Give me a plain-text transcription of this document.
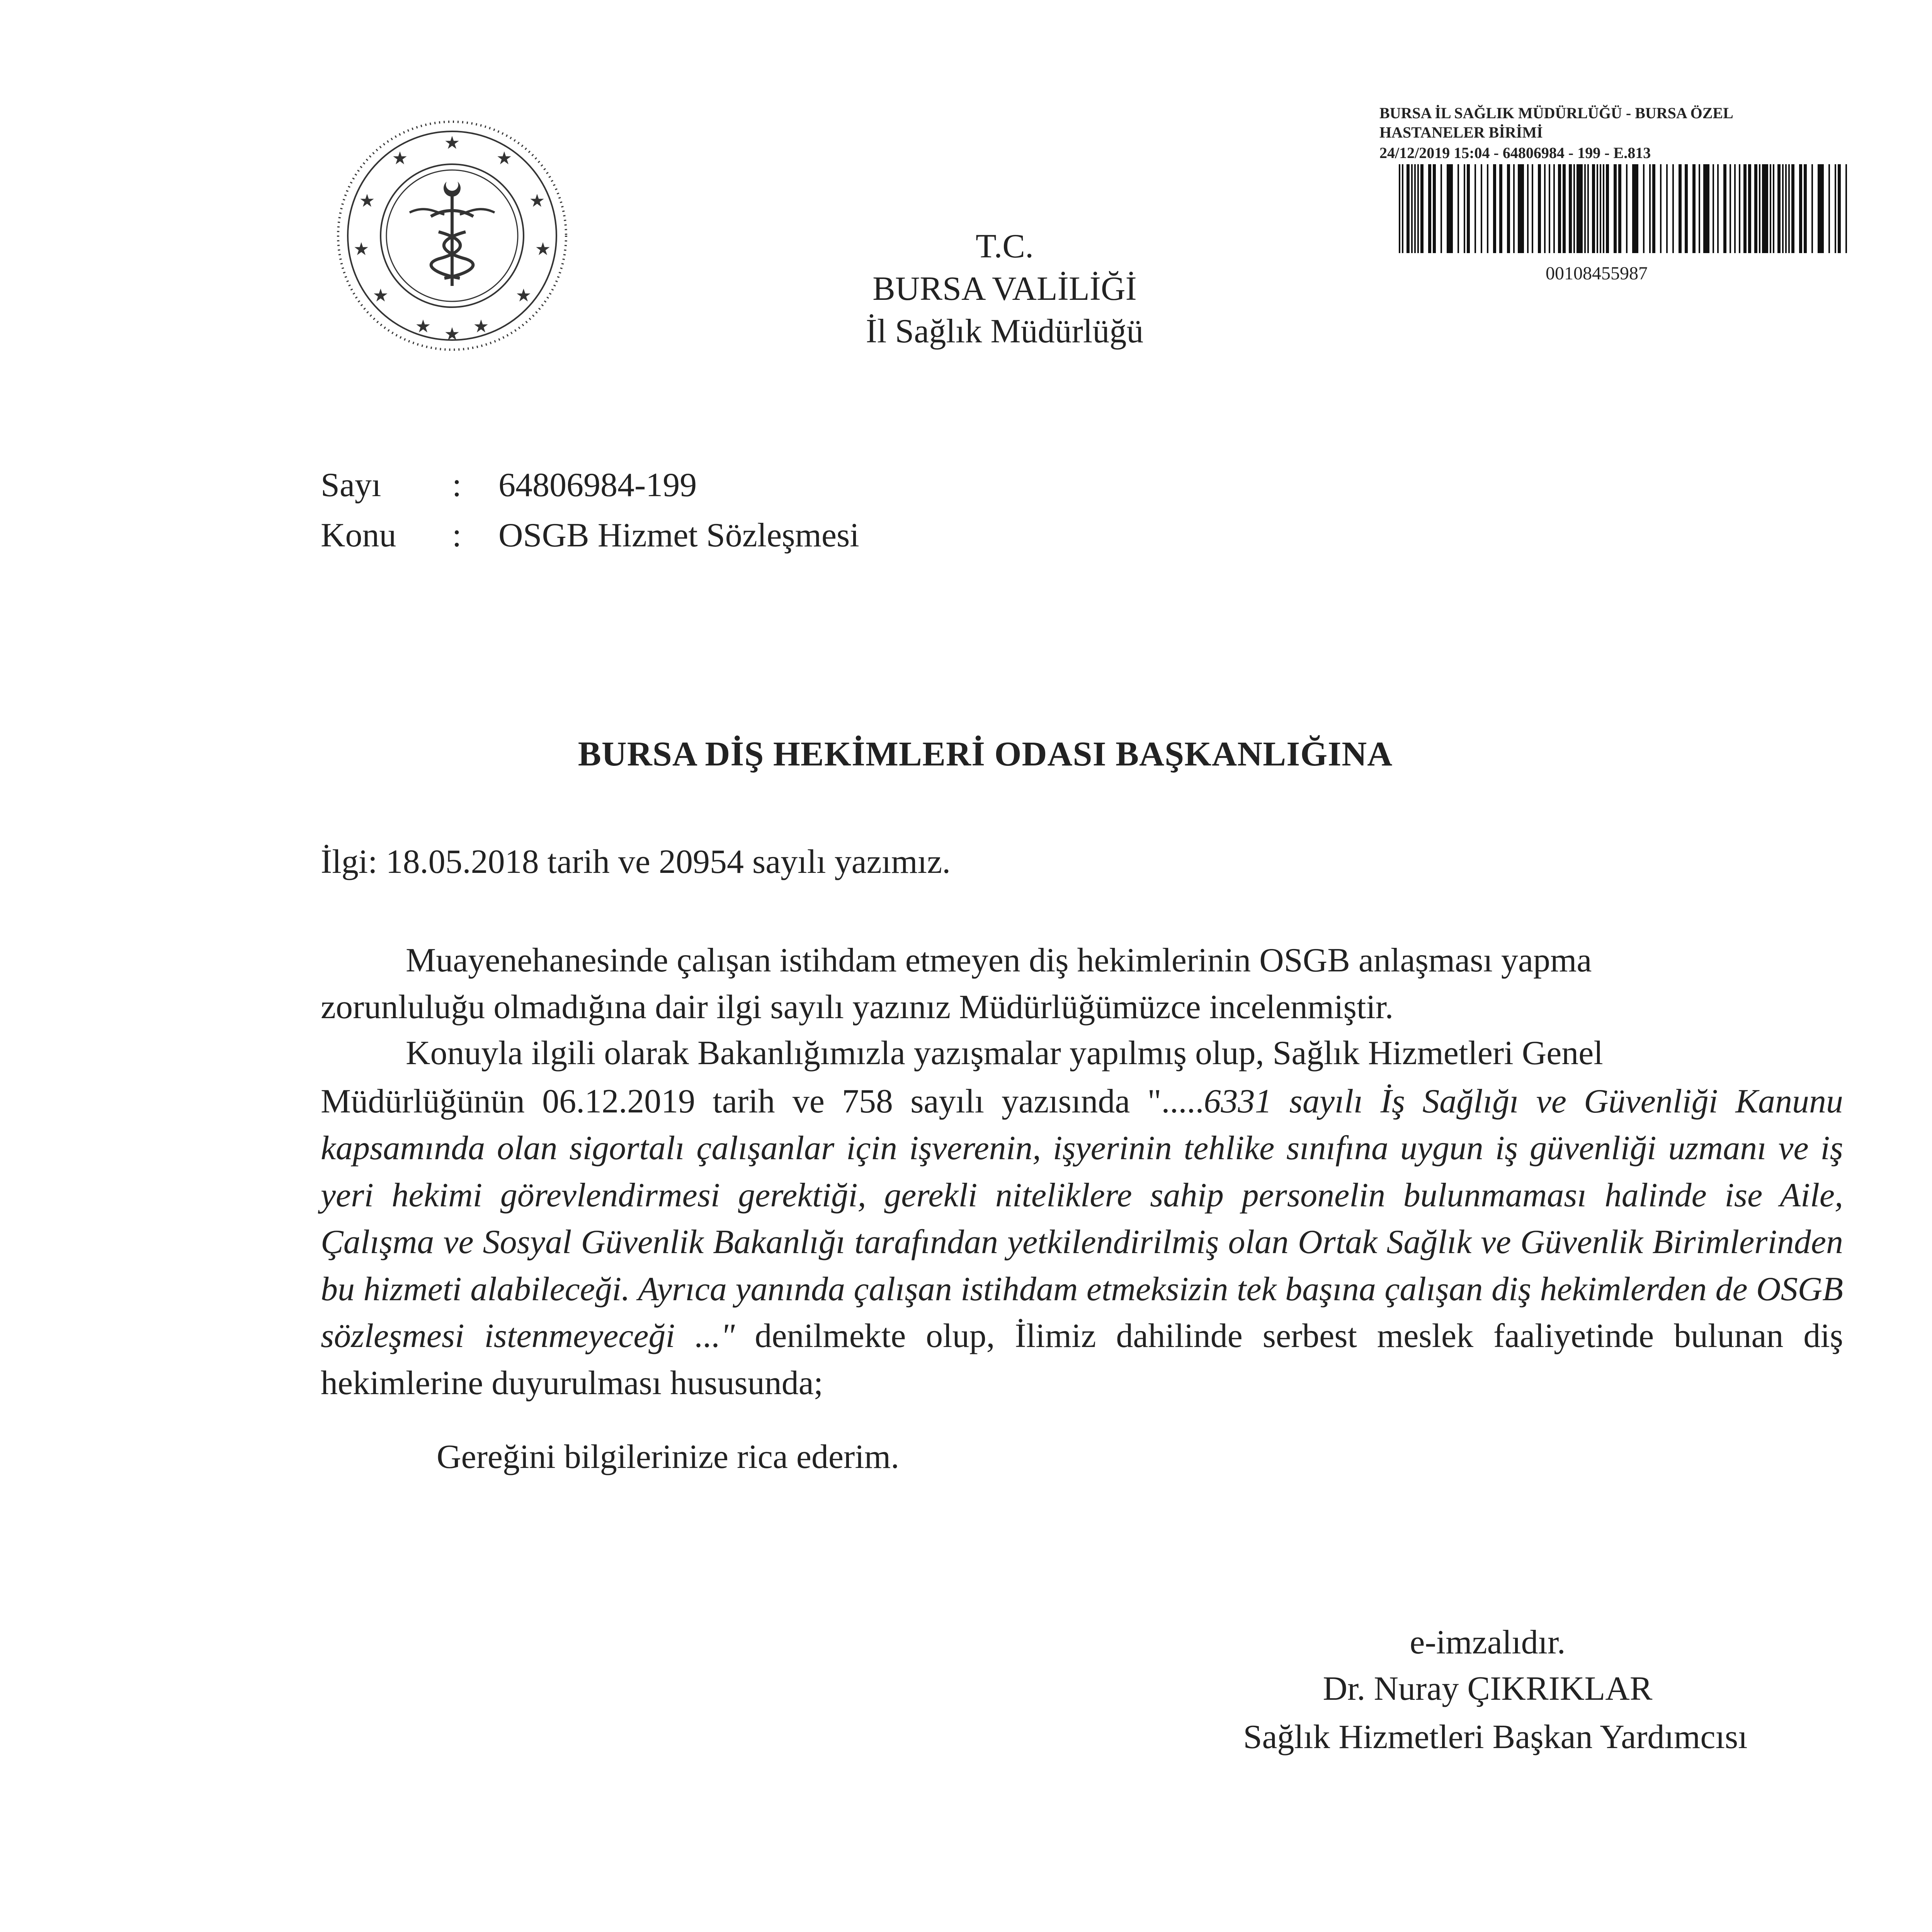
★
★	★
★	★
★	★
★	★
★ ★
★
T.C.
BURSA VALİLİĞİ
İl Sağlık Müdürlüğü
BURSA İL SAĞLIK MÜDÜRLÜĞÜ - BURSA ÖZEL
HASTANELER BİRİMİ
24/12/2019 15:04 - 64806984 - 199 - E.813
00108455987
Sayı : 64806984-199
Konu : OSGB Hizmet Sözleşmesi
BURSA DİŞ HEKİMLERİ ODASI BAŞKANLIĞINA
İlgi: 18.05.2018 tarih ve 20954 sayılı yazımız.
Muayenehanesinde çalışan istihdam etmeyen diş hekimlerinin OSGB anlaşması yapma
zorunluluğu olmadığına dair ilgi sayılı yazınız Müdürlüğümüzce incelenmiştir.
Konuyla ilgili olarak Bakanlığımızla yazışmalar yapılmış olup, Sağlık Hizmetleri Genel
Müdürlüğünün 06.12.2019 tarih ve 758 sayılı yazısında ".....6331 sayılı İş Sağlığı ve Güvenliği Kanunu kapsamında olan sigortalı çalışanlar için işverenin, işyerinin tehlike sınıfına uygun iş güvenliği uzmanı ve iş yeri hekimi görevlendirmesi gerektiği, gerekli niteliklere sahip personelin bulunmaması halinde ise Aile, Çalışma ve Sosyal Güvenlik Bakanlığı tarafından yetkilendirilmiş olan Ortak Sağlık ve Güvenlik Birimlerinden bu hizmeti alabileceği. Ayrıca yanında çalışan istihdam etmeksizin tek başına çalışan diş hekimlerden de OSGB sözleşmesi istenmeyeceği ..." denilmekte olup, İlimiz dahilinde serbest meslek faaliyetinde bulunan diş hekimlerine duyurulması hususunda;
Gereğini bilgilerinize rica ederim.
e-imzalıdır.
Dr. Nuray ÇIKRIKLAR
Sağlık Hizmetleri Başkan Yardımcısı
